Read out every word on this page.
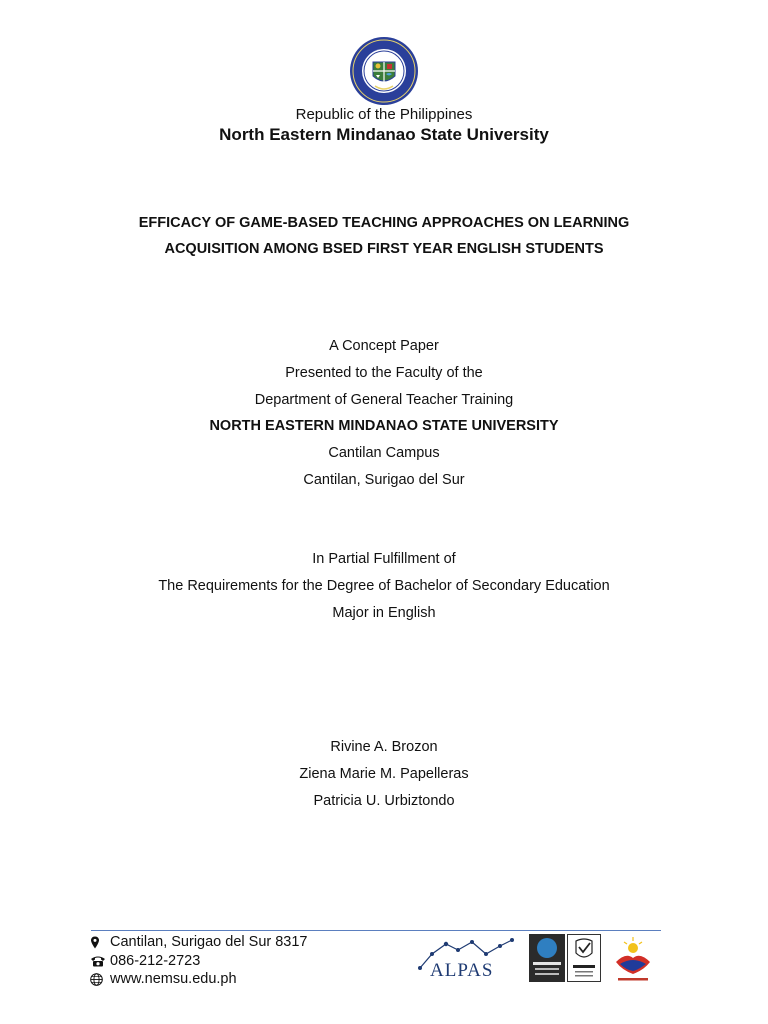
Republic of the Philippines
North Eastern Mindanao State University
EFFICACY OF GAME-BASED TEACHING APPROACHES ON LEARNING
ACQUISITION AMONG BSED FIRST YEAR ENGLISH STUDENTS
A Concept Paper
Presented to the Faculty of the
Department of General Teacher Training
NORTH EASTERN MINDANAO STATE UNIVERSITY
Cantilan Campus
Cantilan, Surigao del Sur
In Partial Fulfillment of
The Requirements for the Degree of Bachelor of Secondary Education
Major in English
Rivine A. Brozon
Ziena Marie M. Papelleras
Patricia U. Urbiztondo
Cantilan, Surigao del Sur 8317
086-212-2723
www.nemsu.edu.ph	ALPAS
